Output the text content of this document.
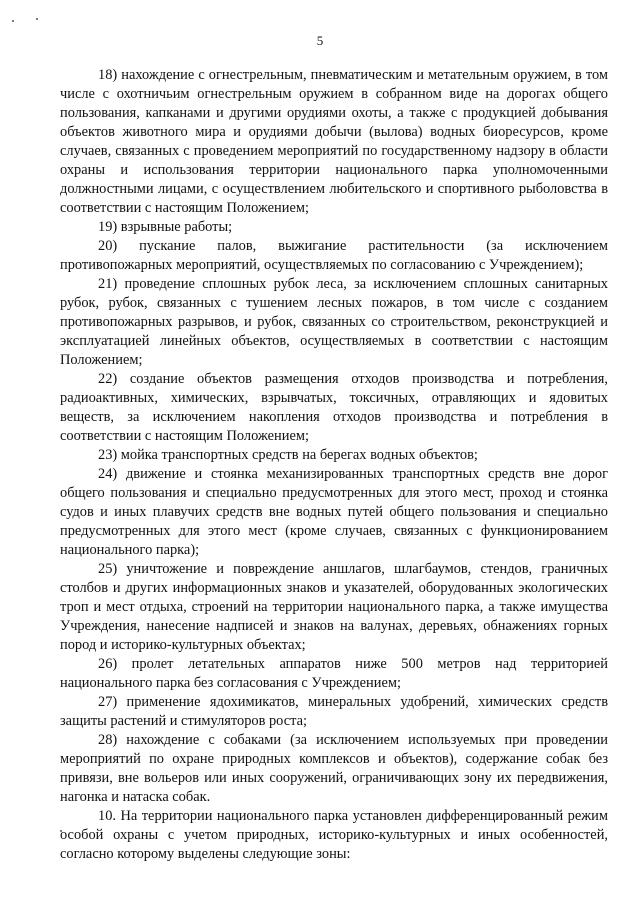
5

18) нахождение с огнестрельным, пневматическим и метательным оружием, в том числе с охотничьим огнестрельным оружием в собранном виде на дорогах общего пользования, капканами и другими орудиями охоты, а также с продукцией добывания объектов животного мира и орудиями добычи (вылова) водных биоресурсов, кроме случаев, связанных с проведением мероприятий по государственному надзору в области охраны и использования территории национального парка уполномоченными должностными лицами, с осуществлением любительского и спортивного рыболовства в соответствии с настоящим Положением;

19) взрывные работы;

20) пускание палов, выжигание растительности (за исключением противопожарных мероприятий, осуществляемых по согласованию с Учреждением);

21) проведение сплошных рубок леса, за исключением сплошных санитарных рубок, рубок, связанных с тушением лесных пожаров, в том числе с созданием противопожарных разрывов, и рубок, связанных со строительством, реконструкцией и эксплуатацией линейных объектов, осуществляемых в соответствии с настоящим Положением;

22) создание объектов размещения отходов производства и потребления, радиоактивных, химических, взрывчатых, токсичных, отравляющих и ядовитых веществ, за исключением накопления отходов производства и потребления в соответствии с настоящим Положением;

23) мойка транспортных средств на берегах водных объектов;

24) движение и стоянка механизированных транспортных средств вне дорог общего пользования и специально предусмотренных для этого мест, проход и стоянка судов и иных плавучих средств вне водных путей общего пользования и специально предусмотренных для этого мест (кроме случаев, связанных с функционированием национального парка);

25) уничтожение и повреждение аншлагов, шлагбаумов, стендов, граничных столбов и других информационных знаков и указателей, оборудованных экологических троп и мест отдыха, строений на территории национального парка, а также имущества Учреждения, нанесение надписей и знаков на валунах, деревьях, обнажениях горных пород и историко-культурных объектах;

26) пролет летательных аппаратов ниже 500 метров над территорией национального парка без согласования с Учреждением;

27) применение ядохимикатов, минеральных удобрений, химических средств защиты растений и стимуляторов роста;

28) нахождение с собаками (за исключением используемых при проведении мероприятий по охране природных комплексов и объектов), содержание собак без привязи, вне вольеров или иных сооружений, ограничивающих зону их передвижения, нагонка и натаска собак.

10. На территории национального парка установлен дифференцированный режим особой охраны с учетом природных, историко-культурных и иных особенностей, согласно которому выделены следующие зоны:
